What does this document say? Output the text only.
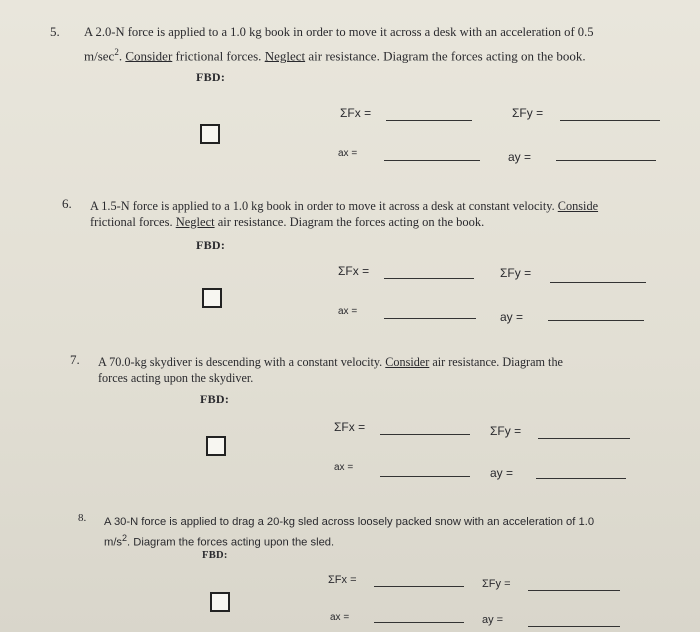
5. A 2.0-N force is applied to a 1.0 kg book in order to move it across a desk with an acceleration of 0.5
$m/\sec^2$. Consider frictional forces. Neglect air resistance. Diagram the forces acting on the book.
FBD:
ΣFx =	ΣFy =
ax =	ay =
6. A 1.5-N force is applied to a 1.0 kg book in order to move it across a desk at constant velocity. Conside
frictional forces. Neglect air resistance. Diagram the forces acting on the book.
FBD:
ΣFx =	ΣFy =
ax =	ay =
7. A 70.0-kg skydiver is descending with a constant velocity. Consider air resistance. Diagram the
forces acting upon the skydiver.
FBD:
ΣFx =	ΣFy =
ax =	ay =
8. A 30-N force is applied to drag a 20-kg sled across loosely packed snow with an acceleration of 1.0
$m/s^2$. Diagram the forces acting upon the sled.
FBD:
ΣFx =	ΣFy =
ax =	ay =
